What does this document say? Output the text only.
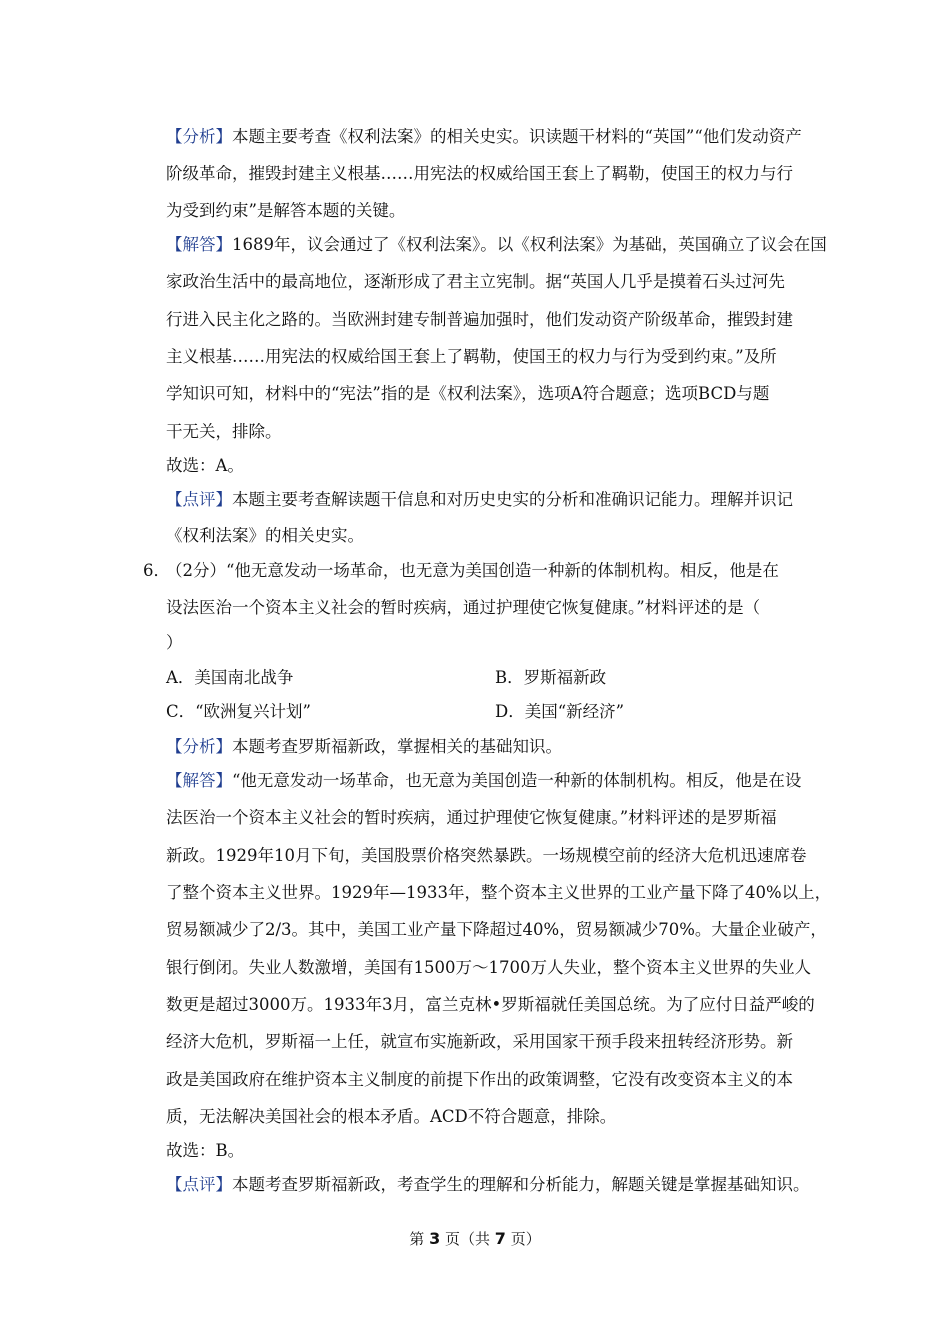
【分析】本题主要考查《权利法案》的相关史实。识读题干材料的“英国”“他们发动资产
阶级革命，摧毁封建主义根基……用宪法的权威给国王套上了羁勒，使国王的权力与行
为受到约束”是解答本题的关键。
【解答】1689年，议会通过了《权利法案》。以《权利法案》为基础，英国确立了议会在国
家政治生活中的最高地位，逐渐形成了君主立宪制。据“英国人几乎是摸着石头过河先
行进入民主化之路的。当欧洲封建专制普遍加强时，他们发动资产阶级革命，摧毁封建
主义根基……用宪法的权威给国王套上了羁勒，使国王的权力与行为受到约束。”及所
学知识可知，材料中的“宪法”指的是《权利法案》，选项A符合题意；选项BCD与题
干无关，排除。
故选：A。
【点评】本题主要考查解读题干信息和对历史史实的分析和准确识记能力。理解并识记
《权利法案》的相关史实。
6．
（2分）“他无意发动一场革命，也无意为美国创造一种新的体制机构。相反，他是在
设法医治一个资本主义社会的暂时疾病，通过护理使它恢复健康。”材料评述的是（
）
A．美国南北战争	B．罗斯福新政
C．“欧洲复兴计划”	D．美国“新经济”
【分析】本题考查罗斯福新政，掌握相关的基础知识。
【解答】“他无意发动一场革命，也无意为美国创造一种新的体制机构。相反，他是在设
法医治一个资本主义社会的暂时疾病，通过护理使它恢复健康。”材料评述的是罗斯福
新政。1929年10月下旬，美国股票价格突然暴跌。一场规模空前的经济大危机迅速席卷
了整个资本主义世界。1929年—1933年，整个资本主义世界的工业产量下降了40%以上，
贸易额减少了2/3。其中，美国工业产量下降超过40%，贸易额减少70%。大量企业破产，
银行倒闭。失业人数激增，美国有1500万～1700万人失业，整个资本主义世界的失业人
数更是超过3000万。1933年3月，富兰克林•罗斯福就任美国总统。为了应付日益严峻的
经济大危机，罗斯福一上任，就宣布实施新政，采用国家干预手段来扭转经济形势。新
政是美国政府在维护资本主义制度的前提下作出的政策调整，它没有改变资本主义的本
质，无法解决美国社会的根本矛盾。ACD不符合题意，排除。
故选：B。
【点评】本题考查罗斯福新政，考查学生的理解和分析能力，解题关键是掌握基础知识。
第 3 页（共 7 页）
